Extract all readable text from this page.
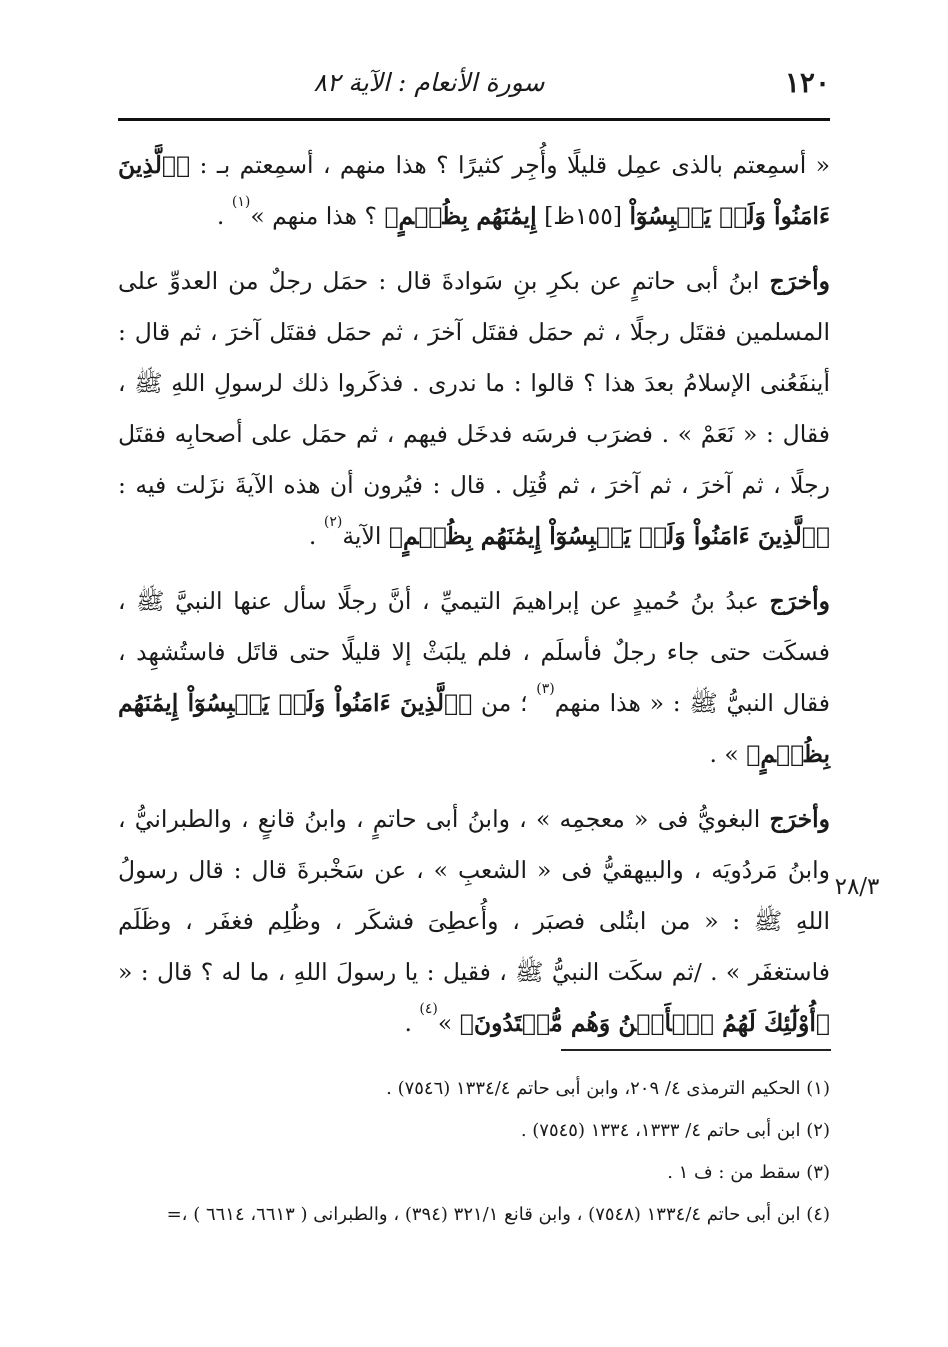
١٢٠
سورة الأنعام : الآية ٨٢

« أسمِعتم بالذى عمِل قليلًا وأُجِر كثيرًا ؟ هذا منهم ، أسمِعتم بـ : ﴿ٱلَّذِينَ ءَامَنُواْ وَلَمۡ يَلۡبِسُوٓاْ [١٥٥ظ] إِيمَٰنَهُم بِظُلۡمٍ﴾ ؟ هذا منهم »$^{(١)}$ .

وأخرَج ابنُ أبى حاتمٍ عن بكرِ بنِ سَوادةَ قال : حمَل رجلٌ من العدوِّ على المسلمين فقتَل رجلًا ، ثم حمَل فقتَل آخرَ ، ثم حمَل فقتَل آخرَ ، ثم قال : أينفَعُنى الإسلامُ بعدَ هذا ؟ قالوا : ما ندرى . فذكَروا ذلك لرسولِ اللهِ ﷺ ، فقال : « نَعَمْ » . فضرَب فرسَه فدخَل فيهم ، ثم حمَل على أصحابِه فقتَل رجلًا ، ثم آخرَ ، ثم آخرَ ، ثم قُتِل . قال : فيُرون أن هذه الآيةَ نزَلت فيه : ﴿ٱلَّذِينَ ءَامَنُواْ وَلَمۡ يَلۡبِسُوٓاْ إِيمَٰنَهُم بِظُلۡمٍ﴾ الآية$^{(٢)}$ .

وأخرَج عبدُ بنُ حُميدٍ عن إبراهيمَ التيميِّ ، أنَّ رجلًا سأل عنها النبيَّ ﷺ ، فسكَت حتى جاء رجلٌ فأسلَم ، فلم يلبَثْ إلا قليلًا حتى قاتَل فاستُشهِد ، فقال النبيُّ ﷺ : « هذا منهم$^{(٣)}$ ؛ من ﴿ٱلَّذِينَ ءَامَنُواْ وَلَمۡ يَلۡبِسُوٓاْ إِيمَٰنَهُم بِظُلۡمٍ﴾ » .

وأخرَج البغويُّ فى « معجمِه » ، وابنُ أبى حاتمٍ ، وابنُ قانعٍ ، والطبرانيُّ ، وابنُ مَردُويَه ، والبيهقيُّ فى « الشعبِ » ، عن سَخْبرةَ قال : قال رسولُ اللهِ ﷺ : « من ابتُلى فصبَر ، وأُعطِىَ فشكَر ، وظُلِم فغفَر ، وظَلَم فاستغفَر » . /ثم سكَت النبيُّ ﷺ ، فقيل : يا رسولَ اللهِ ، ما له ؟ قال : « ﴿أُوْلَٰٓئِكَ لَهُمُ ٱلۡأَمۡنُ وَهُم مُّهۡتَدُونَ﴾ »$^{(٤)}$ .

٢٨/٣
(١) الحكيم الترمذى ٤/ ٢٠٩، وابن أبى حاتم ١٣٣٤/٤ (٧٥٤٦) .
(٢) ابن أبى حاتم ٤/ ١٣٣٣، ١٣٣٤ (٧٥٤٥) .
(٣) سقط من : ف ١ .
(٤) ابن أبى حاتم ١٣٣٤/٤ (٧٥٤٨) ، وابن قانع ٣٢١/١ (٣٩٤) ، والطبرانى ( ٦٦١٣، ٦٦١٤ ) ،=
